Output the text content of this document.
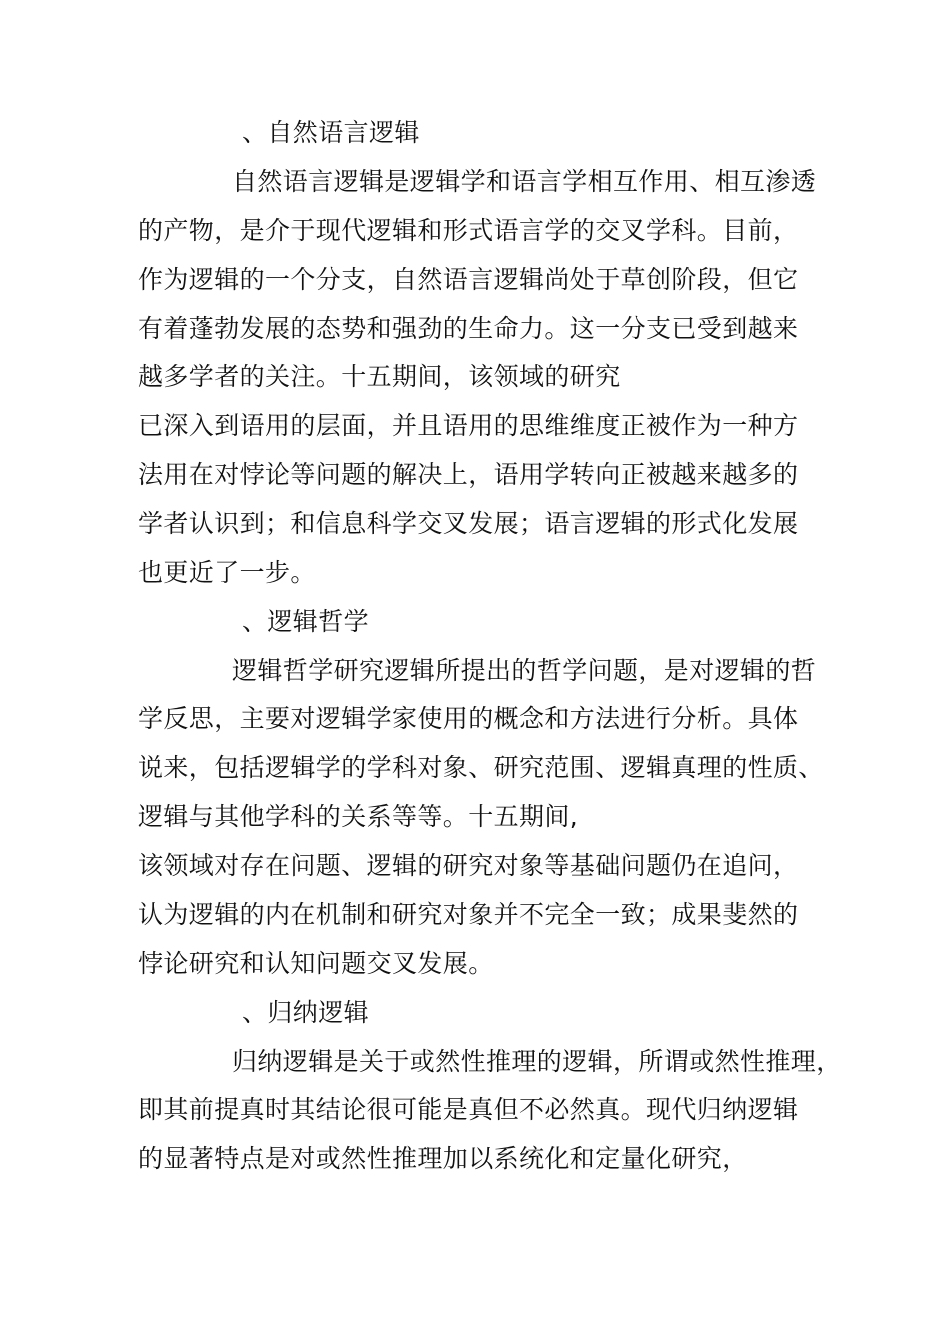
、自然语言逻辑
自然语言逻辑是逻辑学和语言学相互作用、相互渗透
的产物，是介于现代逻辑和形式语言学的交叉学科。目前，
作为逻辑的一个分支，自然语言逻辑尚处于草创阶段，但它
有着蓬勃发展的态势和强劲的生命力。这一分支已受到越来
越多学者的关注。十五期间，该领域的研究
已深入到语用的层面，并且语用的思维维度正被作为一种方
法用在对悖论等问题的解决上，语用学转向正被越来越多的
学者认识到；和信息科学交叉发展；语言逻辑的形式化发展
也更近了一步。
、逻辑哲学
逻辑哲学研究逻辑所提出的哲学问题，是对逻辑的哲
学反思，主要对逻辑学家使用的概念和方法进行分析。具体
说来，包括逻辑学的学科对象、研究范围、逻辑真理的性质、
逻辑与其他学科的关系等等。十五期间,
该领域对存在问题、逻辑的研究对象等基础问题仍在追问，
认为逻辑的内在机制和研究对象并不完全一致；成果斐然的
悖论研究和认知问题交叉发展。
、归纳逻辑
归纳逻辑是关于或然性推理的逻辑，所谓或然性推理，
即其前提真时其结论很可能是真但不必然真。现代归纳逻辑
的显著特点是对或然性推理加以系统化和定量化研究，
